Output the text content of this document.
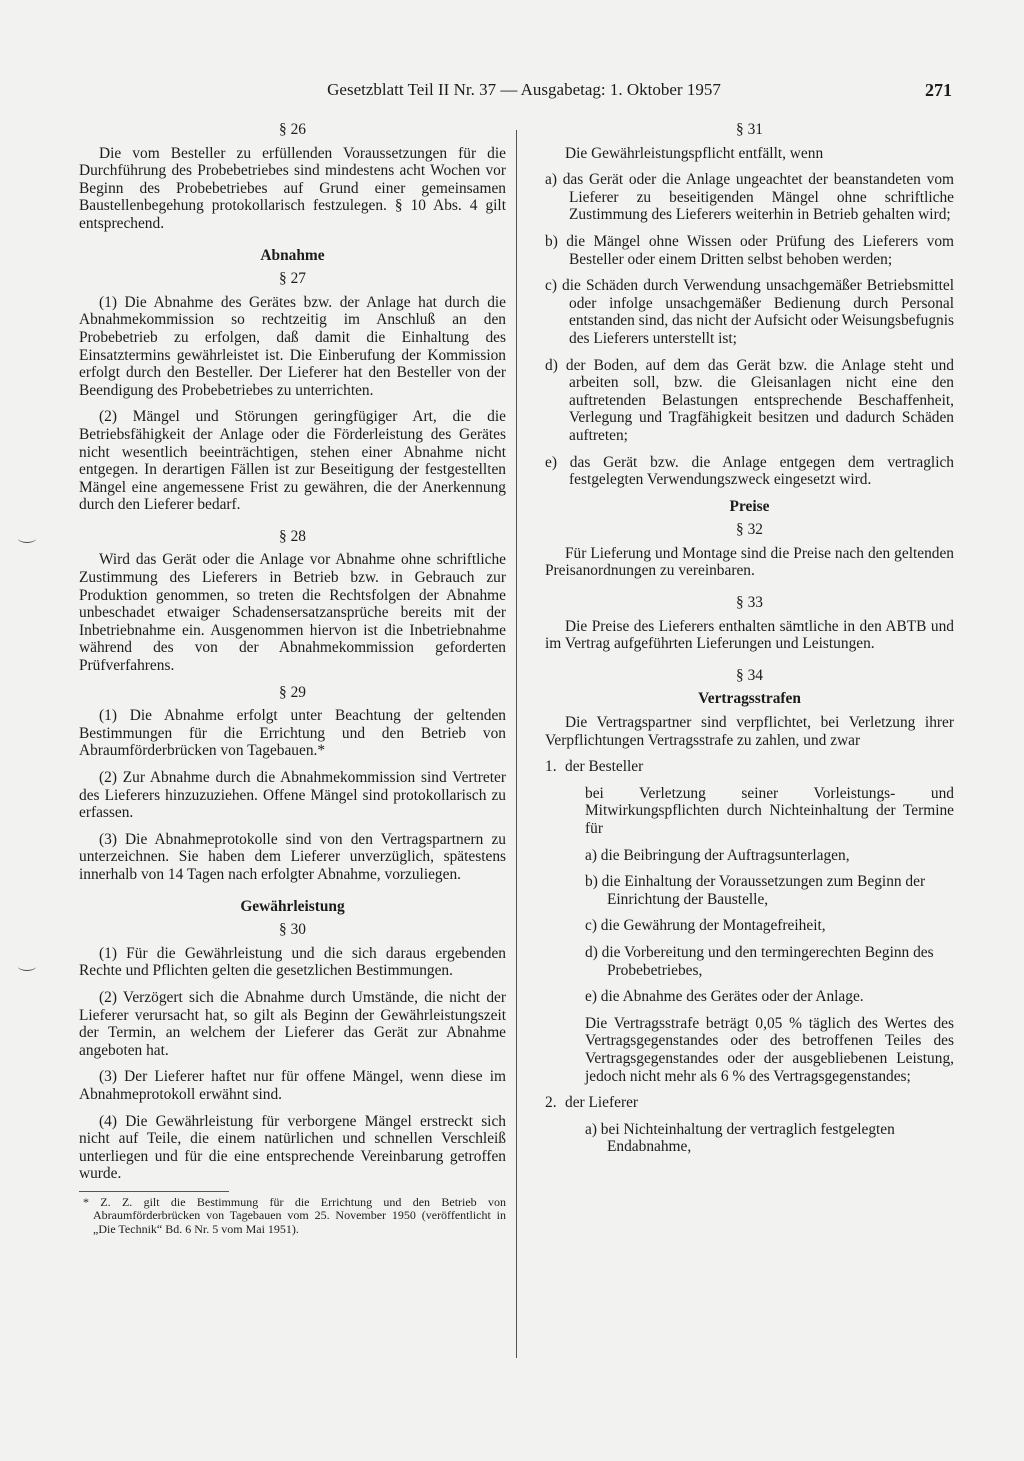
Gesetzblatt Teil II Nr. 37 — Ausgabetag: 1. Oktober 1957	271

§ 26

Die vom Besteller zu erfüllenden Voraussetzungen für die Durchführung des Probebetriebes sind mindestens acht Wochen vor Beginn des Probebetriebes auf Grund einer gemeinsamen Baustellenbegehung protokollarisch festzulegen. § 10 Abs. 4 gilt entsprechend.

Abnahme

§ 27

(1) Die Abnahme des Gerätes bzw. der Anlage hat durch die Abnahmekommission so rechtzeitig im Anschluß an den Probebetrieb zu erfolgen, daß damit die Einhaltung des Einsatztermins gewährleistet ist. Die Einberufung der Kommission erfolgt durch den Besteller. Der Lieferer hat den Besteller von der Beendigung des Probebetriebes zu unterrichten.

(2) Mängel und Störungen geringfügiger Art, die die Betriebsfähigkeit der Anlage oder die Förderleistung des Gerätes nicht wesentlich beeinträchtigen, stehen einer Abnahme nicht entgegen. In derartigen Fällen ist zur Beseitigung der festgestellten Mängel eine angemessene Frist zu gewähren, die der Anerkennung durch den Lieferer bedarf.

§ 28

Wird das Gerät oder die Anlage vor Abnahme ohne schriftliche Zustimmung des Lieferers in Betrieb bzw. in Gebrauch zur Produktion genommen, so treten die Rechtsfolgen der Abnahme unbeschadet etwaiger Schadensersatzansprüche bereits mit der Inbetriebnahme ein. Ausgenommen hiervon ist die Inbetriebnahme während des von der Abnahmekommission geforderten Prüfverfahrens.

§ 29

(1) Die Abnahme erfolgt unter Beachtung der geltenden Bestimmungen für die Errichtung und den Betrieb von Abraumförderbrücken von Tagebauen.*

(2) Zur Abnahme durch die Abnahmekommission sind Vertreter des Lieferers hinzuzuziehen. Offene Mängel sind protokollarisch zu erfassen.

(3) Die Abnahmeprotokolle sind von den Vertragspartnern zu unterzeichnen. Sie haben dem Lieferer unverzüglich, spätestens innerhalb von 14 Tagen nach erfolgter Abnahme, vorzuliegen.

Gewährleistung

§ 30

(1) Für die Gewährleistung und die sich daraus ergebenden Rechte und Pflichten gelten die gesetzlichen Bestimmungen.

(2) Verzögert sich die Abnahme durch Umstände, die nicht der Lieferer verursacht hat, so gilt als Beginn der Gewährleistungszeit der Termin, an welchem der Lieferer das Gerät zur Abnahme angeboten hat.

(3) Der Lieferer haftet nur für offene Mängel, wenn diese im Abnahmeprotokoll erwähnt sind.

(4) Die Gewährleistung für verborgene Mängel erstreckt sich nicht auf Teile, die einem natürlichen und schnellen Verschleiß unterliegen und für die eine entsprechende Vereinbarung getroffen wurde.

* Z. Z. gilt die Bestimmung für die Errichtung und den Betrieb von Abraumförderbrücken von Tagebauen vom 25. November 1950 (veröffentlicht in „Die Technik“ Bd. 6 Nr. 5 vom Mai 1951).

§ 31

Die Gewährleistungspflicht entfällt, wenn

a) das Gerät oder die Anlage ungeachtet der beanstandeten vom Lieferer zu beseitigenden Mängel ohne schriftliche Zustimmung des Lieferers weiterhin in Betrieb gehalten wird;

b) die Mängel ohne Wissen oder Prüfung des Lieferers vom Besteller oder einem Dritten selbst behoben werden;

c) die Schäden durch Verwendung unsachgemäßer Betriebsmittel oder infolge unsachgemäßer Bedienung durch Personal entstanden sind, das nicht der Aufsicht oder Weisungsbefugnis des Lieferers unterstellt ist;

d) der Boden, auf dem das Gerät bzw. die Anlage steht und arbeiten soll, bzw. die Gleisanlagen nicht eine den auftretenden Belastungen entsprechende Beschaffenheit, Verlegung und Tragfähigkeit besitzen und dadurch Schäden auftreten;

e) das Gerät bzw. die Anlage entgegen dem vertraglich festgelegten Verwendungszweck eingesetzt wird.

Preise

§ 32

Für Lieferung und Montage sind die Preise nach den geltenden Preisanordnungen zu vereinbaren.

§ 33

Die Preise des Lieferers enthalten sämtliche in den ABTB und im Vertrag aufgeführten Lieferungen und Leistungen.

§ 34

Vertragsstrafen

Die Vertragspartner sind verpflichtet, bei Verletzung ihrer Verpflichtungen Vertragsstrafe zu zahlen, und zwar

1. der Besteller

bei Verletzung seiner Vorleistungs- und Mitwirkungspflichten durch Nichteinhaltung der Termine für

a) die Beibringung der Auftragsunterlagen,

b) die Einhaltung der Voraussetzungen zum Beginn der Einrichtung der Baustelle,

c) die Gewährung der Montagefreiheit,

d) die Vorbereitung und den termingerechten Beginn des Probebetriebes,

e) die Abnahme des Gerätes oder der Anlage.

Die Vertragsstrafe beträgt 0,05 % täglich des Wertes des Vertragsgegenstandes oder des betroffenen Teiles des Vertragsgegenstandes oder der ausgebliebenen Leistung, jedoch nicht mehr als 6 % des Vertragsgegenstandes;

2. der Lieferer

a) bei Nichteinhaltung der vertraglich festgelegten Endabnahme,
